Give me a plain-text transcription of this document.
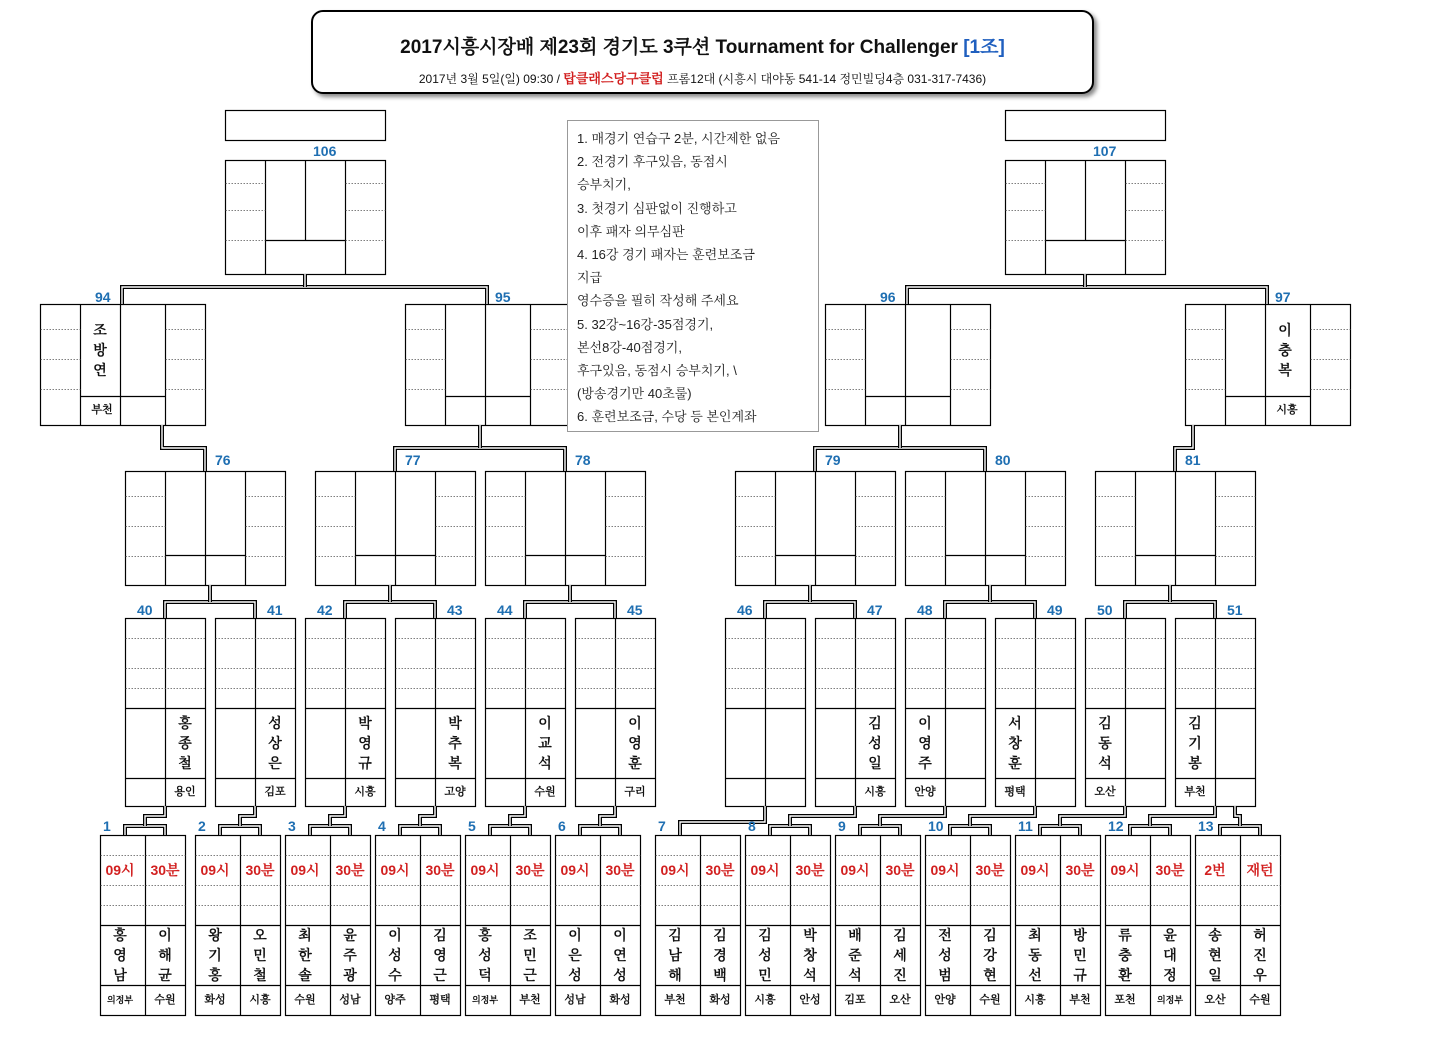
2017시흥시장배 제23회 경기도 3쿠션 Tournament for Challenger [1조]
2017년 3월 5일(일) 09:30 / 탑클래스당구클럽 프롬12대 (시흥시 대야동 541-14 정민빌딩4층 031-317-7436)
1. 매경기 연습구 2분, 시간제한 없음
2. 전경기 후구있음, 동점시
승부치기,
3. 첫경기 심판없이 진행하고
이후 패자 의무심판
4. 16강 경기 패자는 훈련보조금
지급
영수증을 필히 작성해 주세요
5. 32강~16강-35점경기,
본선8강-40점경기,
후구있음, 동점시 승부치기, \
(방송경기만 40초룰)
6. 훈련보조금, 수당 등 본인계좌
1
09시	30분
홍
영
남
의정부
이
해
균
수원
2
09시	30분
왕
기
홍
화성
오
민
철
시흥
3
09시	30분
최
한
솔
수원
윤
주
광
성남
4
09시	30분
이
성
수
양주
김
영
근
평택
5
09시	30분
홍
성
덕
의정부
조
민
근
부천
6
09시	30분
이
은
성
성남
이
연
성
화성
7
09시	30분
김
남
해
부천
김
경
백
화성
8
09시	30분
김
성
민
시흥
박
창
석
안성
9
09시	30분
배
준
석
김포
김
세
진
오산
10
09시	30분
전
성
범
안양
김
강
현
수원
11
09시	30분
최
동
선
시흥
방
민
규
부천
12
09시	30분
류
충
환
포천
윤
대
정
의정부
13
2번	재턴
송
현
일
오산
허
진
우
수원
40
홍
종
철
용인
41
성
상
은
김포
42
박
영
규
시흥
43
박
추
복
고양
44
이
교
석
수원
45
이
영
훈
구리
46	47
김
성
일
시흥
48
이
영
주
안양
49
서
창
훈
평택
50
김
동
석
오산
51
김
기
봉
부천
76	77	78	79	80	81
94
조
방
연
부천
95	96	97
이
충
복
시흥
106	107
